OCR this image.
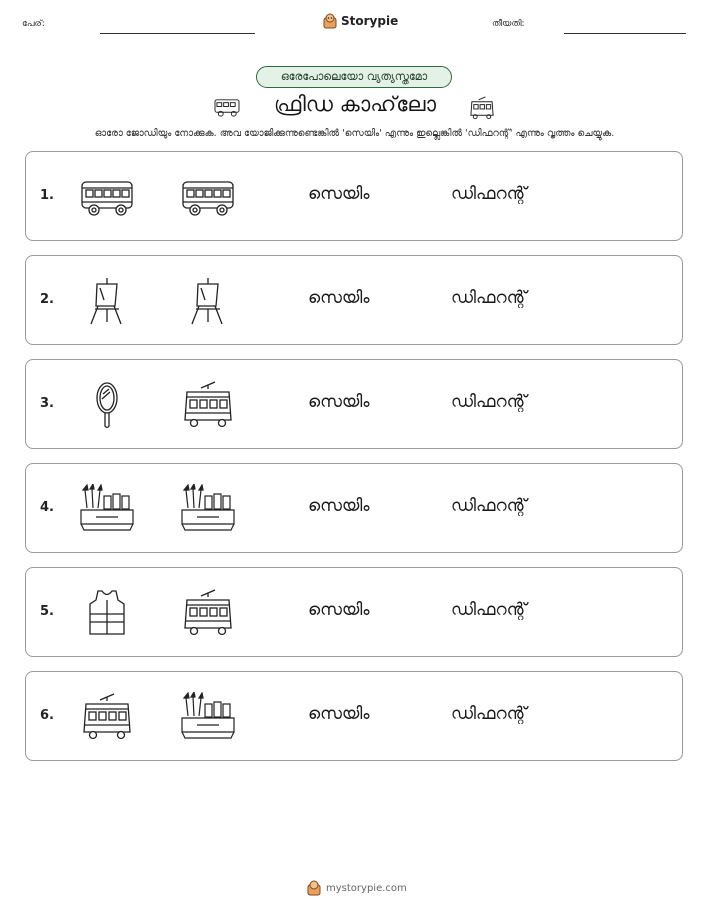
പേര്:	Storypie	തീയതി:
ഒരേപോലെയോ വ്യത്യസ്തമോ
ഫ്രിഡ കാഹ്‌ലോ
ഓരോ ജോഡിയും നോക്കുക. അവ യോജിക്കുന്നുണ്ടെങ്കിൽ 'സെയിം' എന്നും ഇല്ലെങ്കിൽ 'ഡിഫറന്റ്' എന്നും വൃത്തം ചെയ്യുക.
1.	സെയിം	ഡിഫറന്റ്
2.	സെയിം	ഡിഫറന്റ്
3.	സെയിം	ഡിഫറന്റ്
4.	സെയിം	ഡിഫറന്റ്
5.	സെയിം	ഡിഫറന്റ്
6.	സെയിം	ഡിഫറന്റ്
mystorypie.com
